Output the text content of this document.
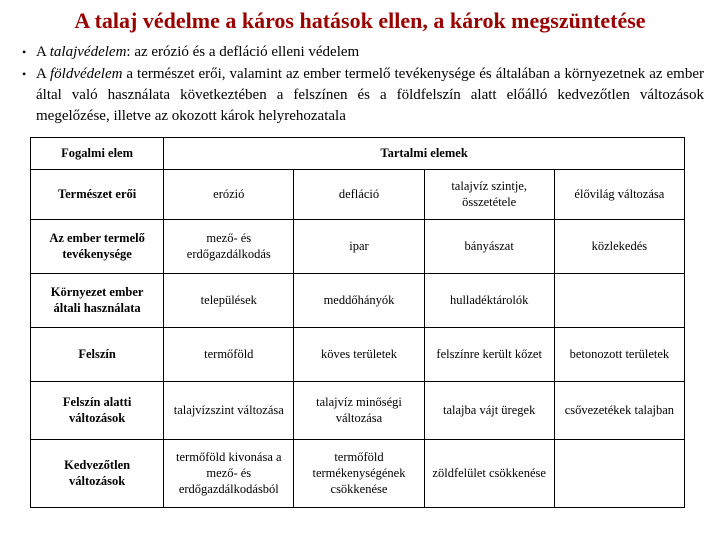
A talaj védelme a káros hatások ellen, a károk megszüntetése
• A talajvédelem: az erózió és a defláció elleni védelem
• A földvédelem a természet erői, valamint az ember termelő tevékenysége és általában a környezetnek az ember által való használata következtében a felszínen és a földfelszín alatt előálló kedvezőtlen változások megelőzése, illetve az okozott károk helyrehozatala
Fogalmi elem	Tartalmi elemek			
Természet erői	erózió	defláció	talajvíz szintje, összetétele	élővilág változása
Az ember termelő tevékenysége	mező- és erdőgazdálkodás	ipar	bányászat	közlekedés
Környezet ember általi használata	települések	meddőhányók	hulladéktárolók	
Felszín	termőföld	köves területek	felszínre került kőzet	betonozott területek
Felszín alatti változások	talajvízszint változása	talajvíz minőségi változása	talajba vájt üregek	csővezetékek talajban
Kedvezőtlen változások	termőföld kivonása a mező- és erdőgazdálkodásból	termőföld termékenységének csökkenése	zöldfelület csökkenése	
